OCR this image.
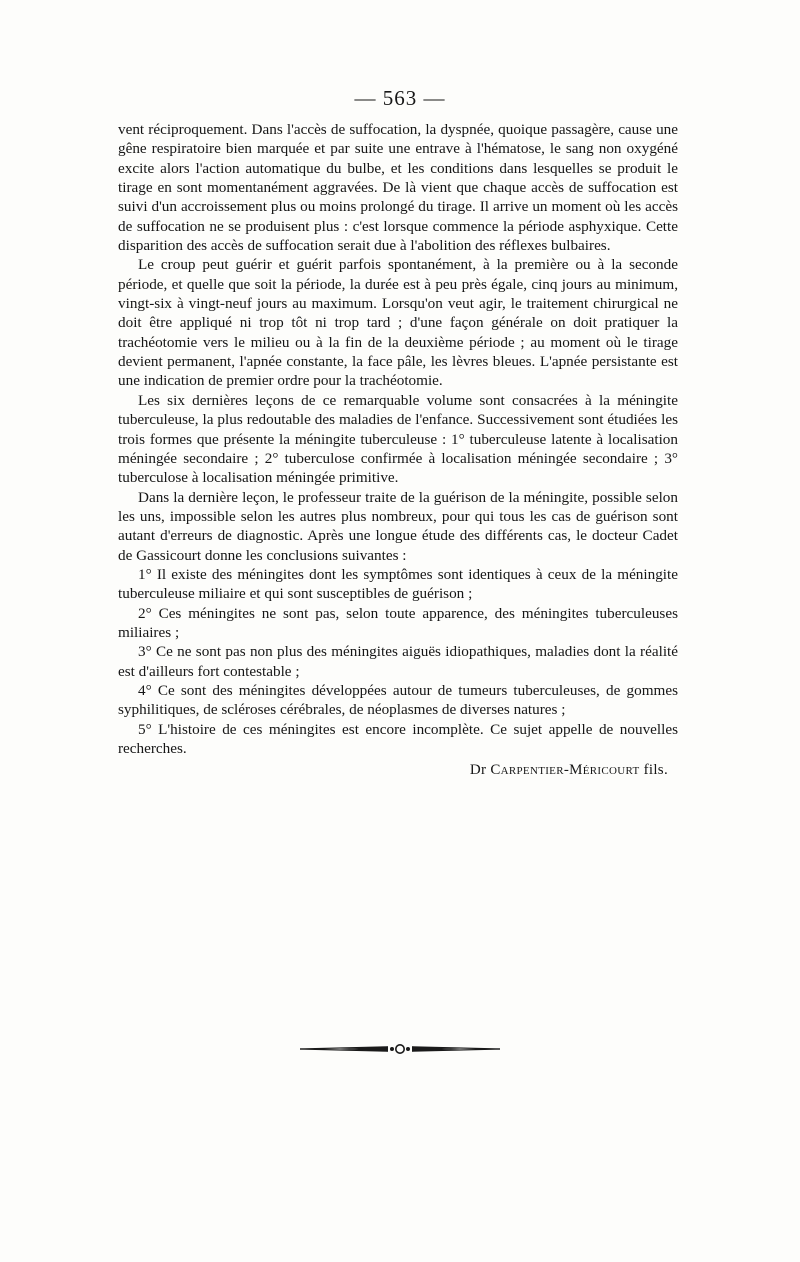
— 563 —

vent réciproquement. Dans l'accès de suffocation, la dyspnée, quoique passagère, cause une gêne respiratoire bien marquée et par suite une entrave à l'hématose, le sang non oxygéné excite alors l'action automatique du bulbe, et les conditions dans lesquelles se produit le tirage en sont momentanément aggravées. De là vient que chaque accès de suffocation est suivi d'un accroissement plus ou moins prolongé du tirage. Il arrive un moment où les accès de suffocation ne se produisent plus : c'est lorsque commence la période asphyxique. Cette disparition des accès de suffocation serait due à l'abolition des réflexes bulbaires.

Le croup peut guérir et guérit parfois spontanément, à la première ou à la seconde période, et quelle que soit la période, la durée est à peu près égale, cinq jours au minimum, vingt-six à vingt-neuf jours au maximum. Lorsqu'on veut agir, le traitement chirurgical ne doit être appliqué ni trop tôt ni trop tard ; d'une façon générale on doit pratiquer la trachéotomie vers le milieu ou à la fin de la deuxième période ; au moment où le tirage devient permanent, l'apnée constante, la face pâle, les lèvres bleues. L'apnée persistante est une indication de premier ordre pour la trachéotomie.

Les six dernières leçons de ce remarquable volume sont consacrées à la méningite tuberculeuse, la plus redoutable des maladies de l'enfance. Successivement sont étudiées les trois formes que présente la méningite tuberculeuse : 1° tuberculeuse latente à localisation méningée secondaire ; 2° tuberculose confirmée à localisation méningée secondaire ; 3° tuberculose à localisation méningée primitive.

Dans la dernière leçon, le professeur traite de la guérison de la méningite, possible selon les uns, impossible selon les autres plus nombreux, pour qui tous les cas de guérison sont autant d'erreurs de diagnostic. Après une longue étude des différents cas, le docteur Cadet de Gassicourt donne les conclusions suivantes :

1° Il existe des méningites dont les symptômes sont identiques à ceux de la méningite tuberculeuse miliaire et qui sont susceptibles de guérison ;

2° Ces méningites ne sont pas, selon toute apparence, des méningites tuberculeuses miliaires ;

3° Ce ne sont pas non plus des méningites aiguës idiopathiques, maladies dont la réalité est d'ailleurs fort contestable ;

4° Ce sont des méningites développées autour de tumeurs tuberculeuses, de gommes syphilitiques, de scléroses cérébrales, de néoplasmes de diverses natures ;

5° L'histoire de ces méningites est encore incomplète. Ce sujet appelle de nouvelles recherches.

Dr Carpentier-Méricourt fils.
